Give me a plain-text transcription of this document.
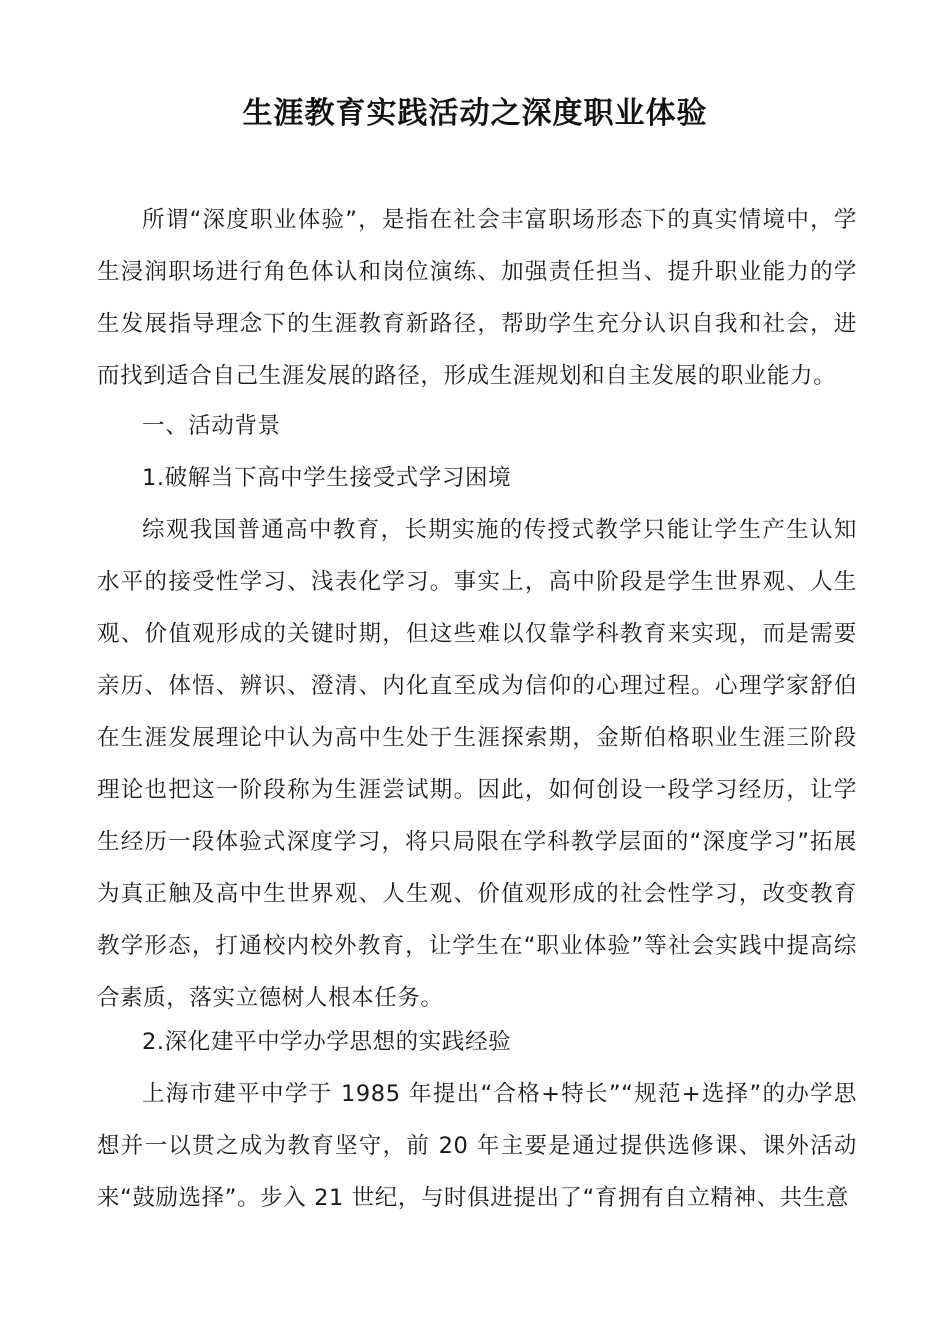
生涯教育实践活动之深度职业体验
所谓“深度职业体验”，是指在社会丰富职场形态下的真实情境中，学生浸润职场进行角色体认和岗位演练、加强责任担当、提升职业能力的学生发展指导理念下的生涯教育新路径，帮助学生充分认识自我和社会，进而找到适合自己生涯发展的路径，形成生涯规划和自主发展的职业能力。
一、活动背景
1.破解当下高中学生接受式学习困境
综观我国普通高中教育，长期实施的传授式教学只能让学生产生认知水平的接受性学习、浅表化学习。事实上，高中阶段是学生世界观、人生观、价值观形成的关键时期，但这些难以仅靠学科教育来实现，而是需要亲历、体悟、辨识、澄清、内化直至成为信仰的心理过程。心理学家舒伯在生涯发展理论中认为高中生处于生涯探索期，金斯伯格职业生涯三阶段理论也把这一阶段称为生涯尝试期。因此，如何创设一段学习经历，让学生经历一段体验式深度学习，将只局限在学科教学层面的“深度学习”拓展为真正触及高中生世界观、人生观、价值观形成的社会性学习，改变教育教学形态，打通校内校外教育，让学生在“职业体验”等社会实践中提高综合素质，落实立德树人根本任务。
2.深化建平中学办学思想的实践经验
上海市建平中学于 1985 年提出“合格+特长”“规范+选择”的办学思想并一以贯之成为教育坚守，前 20 年主要是通过提供选修课、课外活动来“鼓励选择”。步入 21 世纪，与时俱进提出了“育拥有自立精神、共生意
